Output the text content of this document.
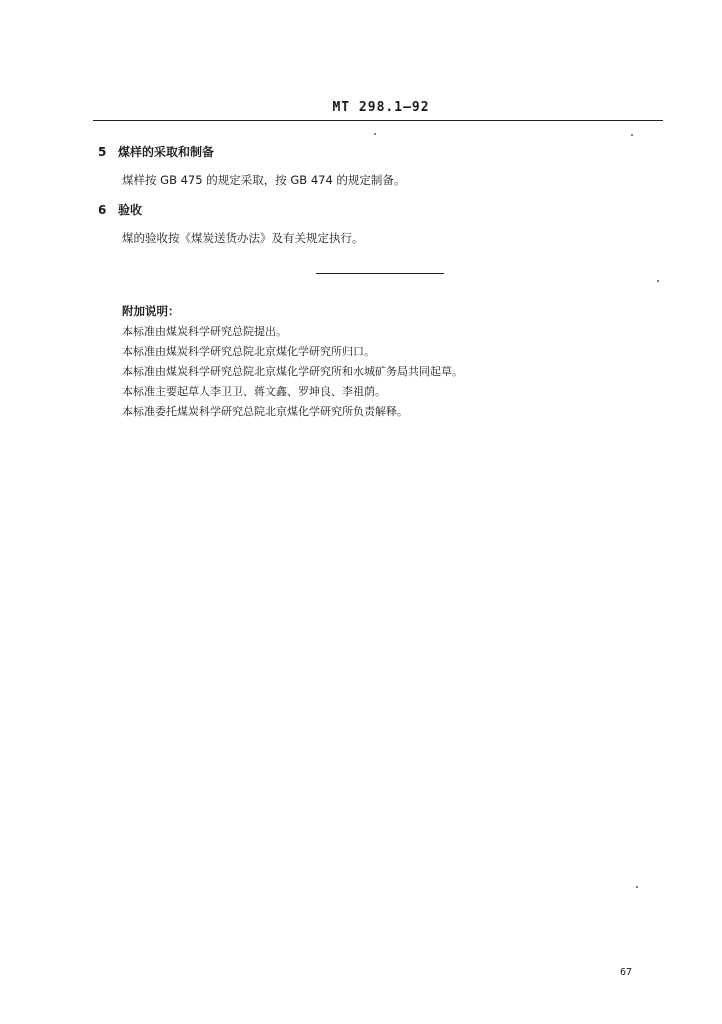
MT 298.1—92
5 煤样的采取和制备
煤样按 GB 475 的规定采取，按 GB 474 的规定制备。
6 验收
煤的验收按《煤炭送货办法》及有关规定执行。
附加说明：
本标准由煤炭科学研究总院提出。
本标准由煤炭科学研究总院北京煤化学研究所归口。
本标准由煤炭科学研究总院北京煤化学研究所和水城矿务局共同起草。
本标准主要起草人李卫卫、蒋文鑫、罗坤良、李祖荫。
本标准委托煤炭科学研究总院北京煤化学研究所负责解释。
67
